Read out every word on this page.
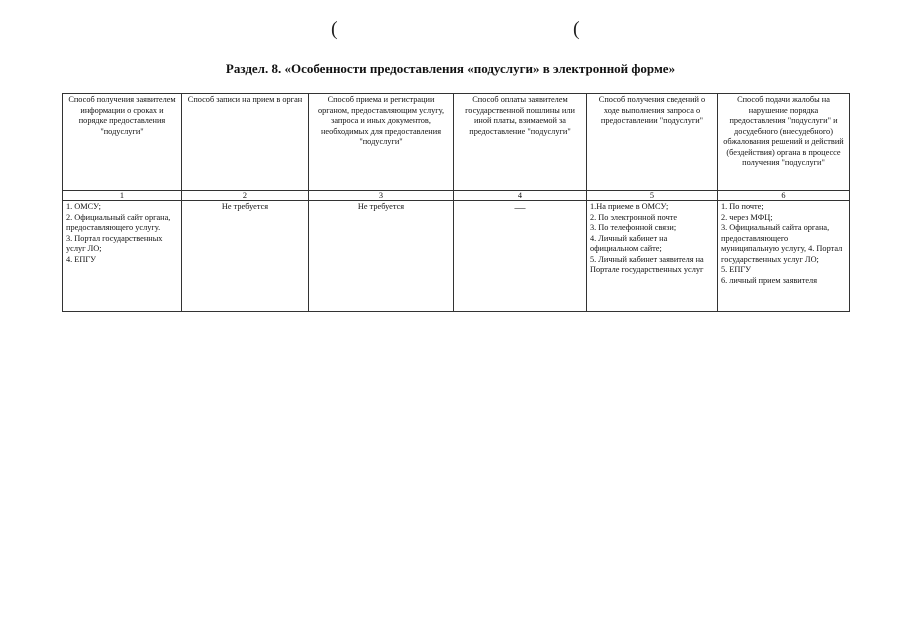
(	(
Раздел. 8. «Особенности предоставления «подуслуги» в электронной форме»
Способ получения заявителем информации о сроках и порядке предоставления "подуслуги"	Способ записи на прием в орган	Способ приема и регистрации органом, предоставляющим услугу, запроса и иных документов, необходимых для предоставления "подуслуги"	Способ оплаты заявителем государственной пошлины или иной платы, взимаемой за предоставление "подуслуги"	Способ получения сведений о ходе выполнения запроса о предоставлении "подуслуги"	Способ подачи жалобы на нарушение порядка предоставления "подуслуги" и досудебного (внесудебного) обжалования решений и действий (бездействия) органа в процессе получения "подуслуги"
1	2	3	4	5	6

1. ОМСУ;
2. Официальный сайт органа, предоставляющего услугу.
3. Портал государственных услуг ЛО;
4. ЕПГУ	Не требуется	Не требуется	—	1.На приеме в ОМСУ;
2. По электронной почте
3. По телефонной связи;
4. Личный кабинет на официальном сайте;
5. Личный кабинет заявителя на Портале государственных услуг	1. По почте;
2. через МФЦ;
3. Официальный сайта органа, предоставляющего муниципальную услугу, 4. Портал государственных услуг ЛО;
5. ЕПГУ
6. личный прием заявителя
